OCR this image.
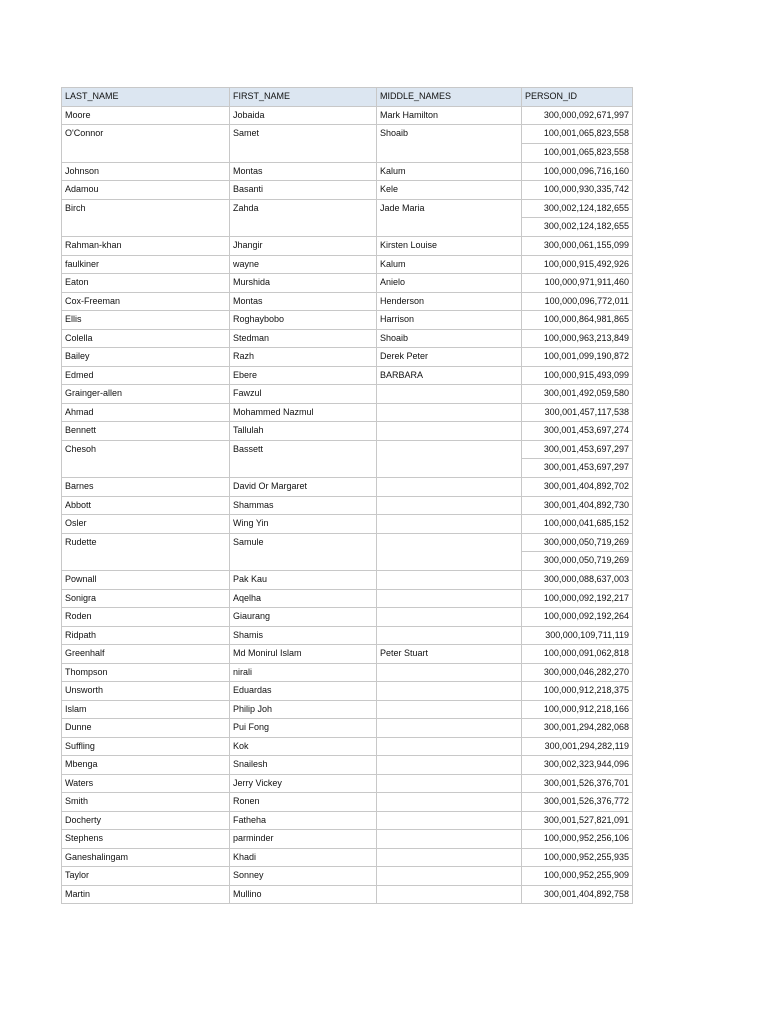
LAST_NAME	FIRST_NAME	MIDDLE_NAMES	PERSON_ID
Moore	Jobaida	Mark Hamilton	300,000,092,671,997
O'Connor	Samet	Shoaib	100,001,065,823,558
			100,001,065,823,558
Johnson	Montas	Kalum	100,000,096,716,160
Adamou	Basanti	Kele	100,000,930,335,742
Birch	Zahda	Jade Maria	300,002,124,182,655
			300,002,124,182,655
Rahman-khan	Jhangir	Kirsten Louise	300,000,061,155,099
faulkiner	wayne	Kalum	100,000,915,492,926
Eaton	Murshida	Anielo	100,000,971,911,460
Cox-Freeman	Montas	Henderson	100,000,096,772,011
Ellis	Roghaybobo	Harrison	100,000,864,981,865
Colella	Stedman	Shoaib	100,000,963,213,849
Bailey	Razh	Derek Peter	100,001,099,190,872
Edmed	Ebere	BARBARA	100,000,915,493,099
Grainger-allen	Fawzul		300,001,492,059,580
Ahmad	Mohammed Nazmul		300,001,457,117,538
Bennett	Tallulah		300,001,453,697,274
Chesoh	Bassett		300,001,453,697,297
			300,001,453,697,297
Barnes	David Or Margaret		300,001,404,892,702
Abbott	Shammas		300,001,404,892,730
Osler	Wing Yin		100,000,041,685,152
Rudette	Samule		300,000,050,719,269
			300,000,050,719,269
Pownall	Pak Kau		300,000,088,637,003
Sonigra	Aqelha		100,000,092,192,217
Roden	Giaurang		100,000,092,192,264
Ridpath	Shamis		300,000,109,711,119
Greenhalf	Md Monirul Islam	Peter Stuart	100,000,091,062,818
Thompson	nirali		300,000,046,282,270
Unsworth	Eduardas		100,000,912,218,375
Islam	Philip Joh		100,000,912,218,166
Dunne	Pui Fong		300,001,294,282,068
Suffling	Kok		300,001,294,282,119
Mbenga	Snailesh		300,002,323,944,096
Waters	Jerry Vickey		300,001,526,376,701
Smith	Ronen		300,001,526,376,772
Docherty	Fatheha		300,001,527,821,091
Stephens	parminder		100,000,952,256,106
Ganeshalingam	Khadi		100,000,952,255,935
Taylor	Sonney		100,000,952,255,909
Martin	Mullino		300,001,404,892,758
